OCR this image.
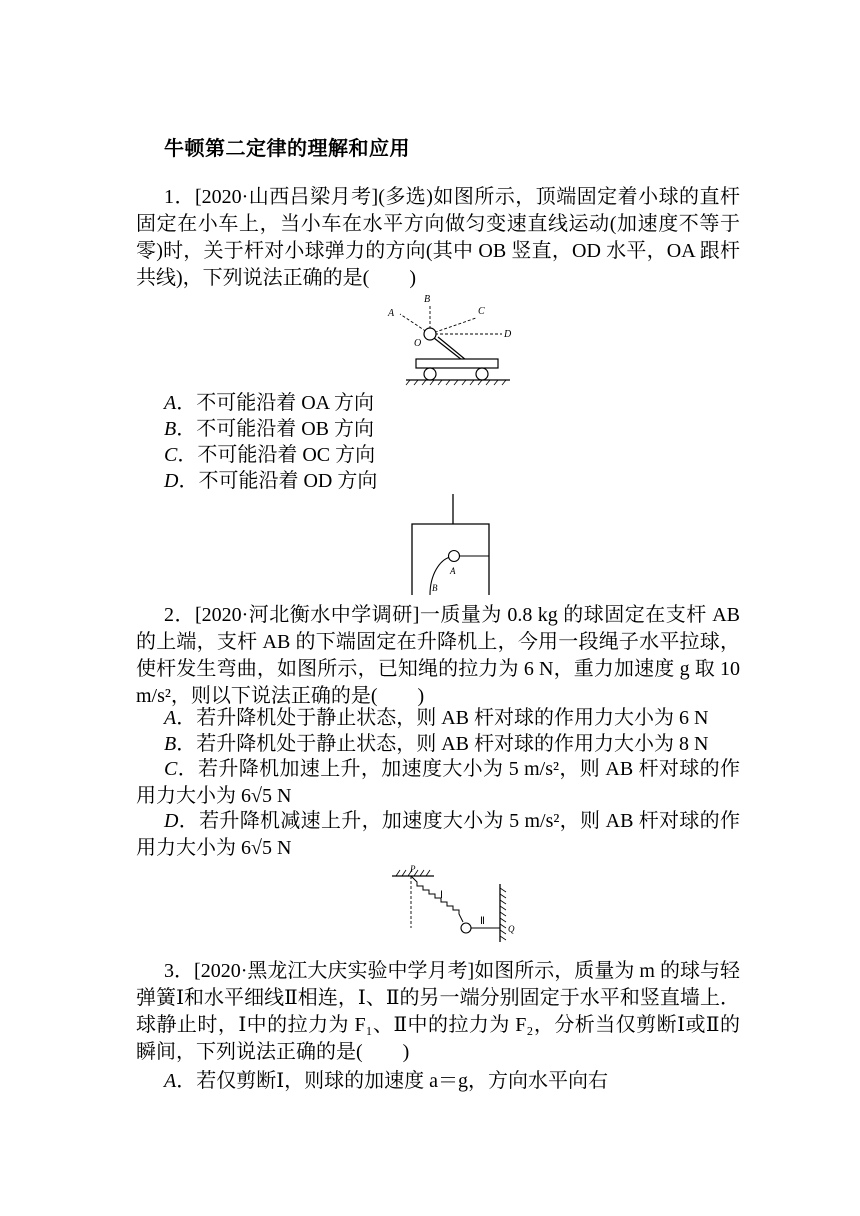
牛顿第二定律的理解和应用

1．[2020·山西吕梁月考](多选)如图所示，顶端固定着小球的直杆固定在小车上，当小车在水平方向做匀变速直线运动(加速度不等于零)时，关于杆对小球弹力的方向(其中 OB 竖直，OD 水平，OA 跟杆共线)，下列说法正确的是(　　)

A
B
C
D
O
A．不可能沿着 OA 方向
B．不可能沿着 OB 方向
C．不可能沿着 OC 方向
D．不可能沿着 OD 方向
A
B

2．[2020·河北衡水中学调研]一质量为 0.8 kg 的球固定在支杆 AB 的上端，支杆 AB 的下端固定在升降机上，今用一段绳子水平拉球，使杆发生弯曲，如图所示，已知绳的拉力为 6 N，重力加速度 g 取 10 m/s²，则以下说法正确的是(　　)

A．若升降机处于静止状态，则 AB 杆对球的作用力大小为 6 N
B．若升降机处于静止状态，则 AB 杆对球的作用力大小为 8 N

C．若升降机加速上升，加速度大小为 5 m/s²，则 AB 杆对球的作用力大小为 6√5 N

D．若升降机减速上升，加速度大小为 5 m/s²，则 AB 杆对球的作用力大小为 6√5 N

P
Q
Ⅰ
Ⅱ

3．[2020·黑龙江大庆实验中学月考]如图所示，质量为 m 的球与轻弹簧Ⅰ和水平细线Ⅱ相连，Ⅰ、Ⅱ的另一端分别固定于水平和竖直墙上．球静止时，Ⅰ中的拉力为 F₁、Ⅱ中的拉力为 F₂，分析当仅剪断Ⅰ或Ⅱ的瞬间，下列说法正确的是(　　)

A．若仅剪断Ⅰ，则球的加速度 a＝g，方向水平向右
